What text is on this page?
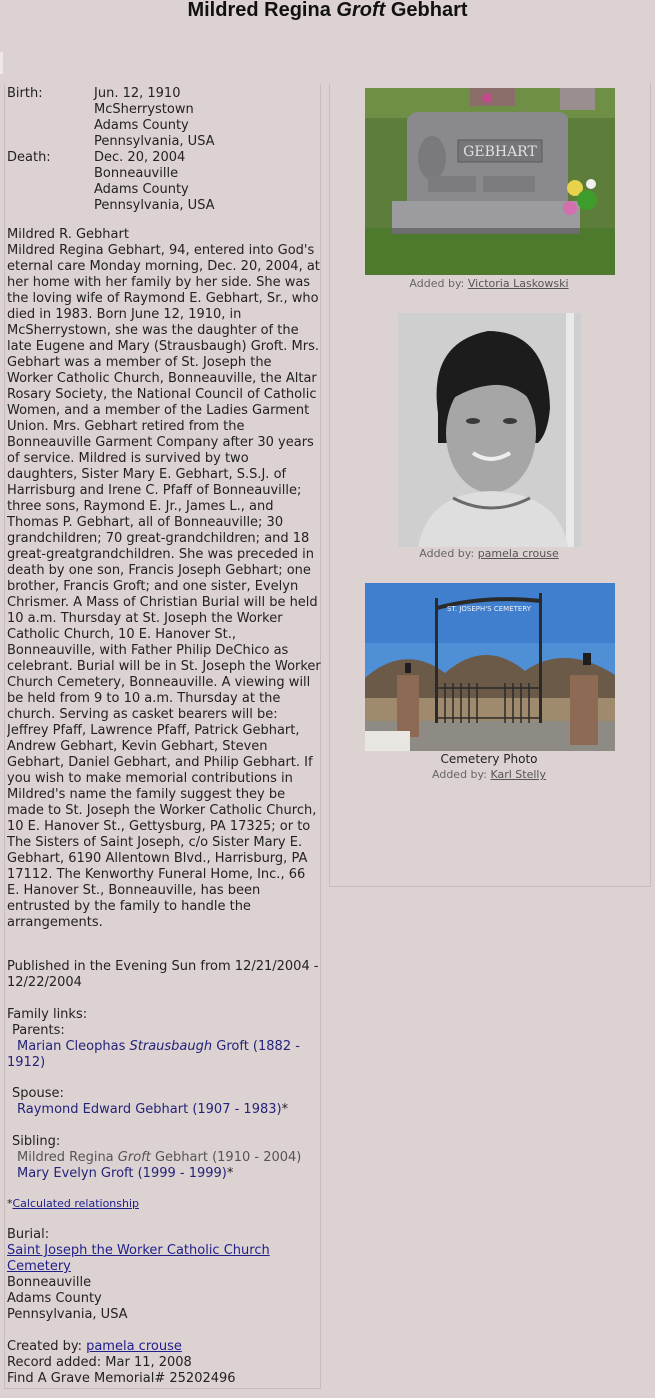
Mildred Regina Groft Gebhart
Birth:	Jun. 12, 1910
McSherrystown
Adams County
Pennsylvania, USA
Death:	Dec. 20, 2004
Bonneauville
Adams County
Pennsylvania, USA
Mildred R. Gebhart
Mildred Regina Gebhart, 94, entered into God's eternal care Monday morning, Dec. 20, 2004, at her home with her family by her side. She was the loving wife of Raymond E. Gebhart, Sr., who died in 1983. Born June 12, 1910, in McSherrystown, she was the daughter of the late Eugene and Mary (Strausbaugh) Groft. Mrs. Gebhart was a member of St. Joseph the Worker Catholic Church, Bonneauville, the Altar Rosary Society, the National Council of Catholic Women, and a member of the Ladies Garment Union. Mrs. Gebhart retired from the Bonneauville Garment Company after 30 years of service. Mildred is survived by two daughters, Sister Mary E. Gebhart, S.S.J. of Harrisburg and Irene C. Pfaff of Bonneauville; three sons, Raymond E. Jr., James L., and Thomas P. Gebhart, all of Bonneauville; 30 grandchildren; 70 great-grandchildren; and 18 great-greatgrandchildren. She was preceded in death by one son, Francis Joseph Gebhart; one brother, Francis Groft; and one sister, Evelyn Chrismer. A Mass of Christian Burial will be held 10 a.m. Thursday at St. Joseph the Worker Catholic Church, 10 E. Hanover St., Bonneauville, with Father Philip DeChico as celebrant. Burial will be in St. Joseph the Worker Church Cemetery, Bonneauville. A viewing will be held from 9 to 10 a.m. Thursday at the church. Serving as casket bearers will be: Jeffrey Pfaff, Lawrence Pfaff, Patrick Gebhart, Andrew Gebhart, Kevin Gebhart, Steven Gebhart, Daniel Gebhart, and Philip Gebhart. If you wish to make memorial contributions in Mildred's name the family suggest they be made to St. Joseph the Worker Catholic Church, 10 E. Hanover St., Gettysburg, PA 17325; or to The Sisters of Saint Joseph, c/o Sister Mary E. Gebhart, 6190 Allentown Blvd., Harrisburg, PA 17112. The Kenworthy Funeral Home, Inc., 66 E. Hanover St., Bonneauville, has been entrusted by the family to handle the arrangements.
Published in the Evening Sun from 12/21/2004 - 12/22/2004
Family links:
Parents:
Marian Cleophas Strausbaugh Groft (1882 - 1912)
Spouse:
Raymond Edward Gebhart (1907 - 1983)*
Sibling:
Mildred Regina Groft Gebhart (1910 - 2004)
Mary Evelyn Groft (1999 - 1999)*
*Calculated relationship
Burial:
Saint Joseph the Worker Catholic Church
Cemetery
Bonneauville
Adams County
Pennsylvania, USA
Created by: pamela crouse
Record added: Mar 11, 2008
Find A Grave Memorial# 25202496
GEBHART
Added by: Victoria Laskowski
Added by: pamela crouse
ST. JOSEPH'S CEMETERY
Cemetery Photo
Added by: Karl Stelly
